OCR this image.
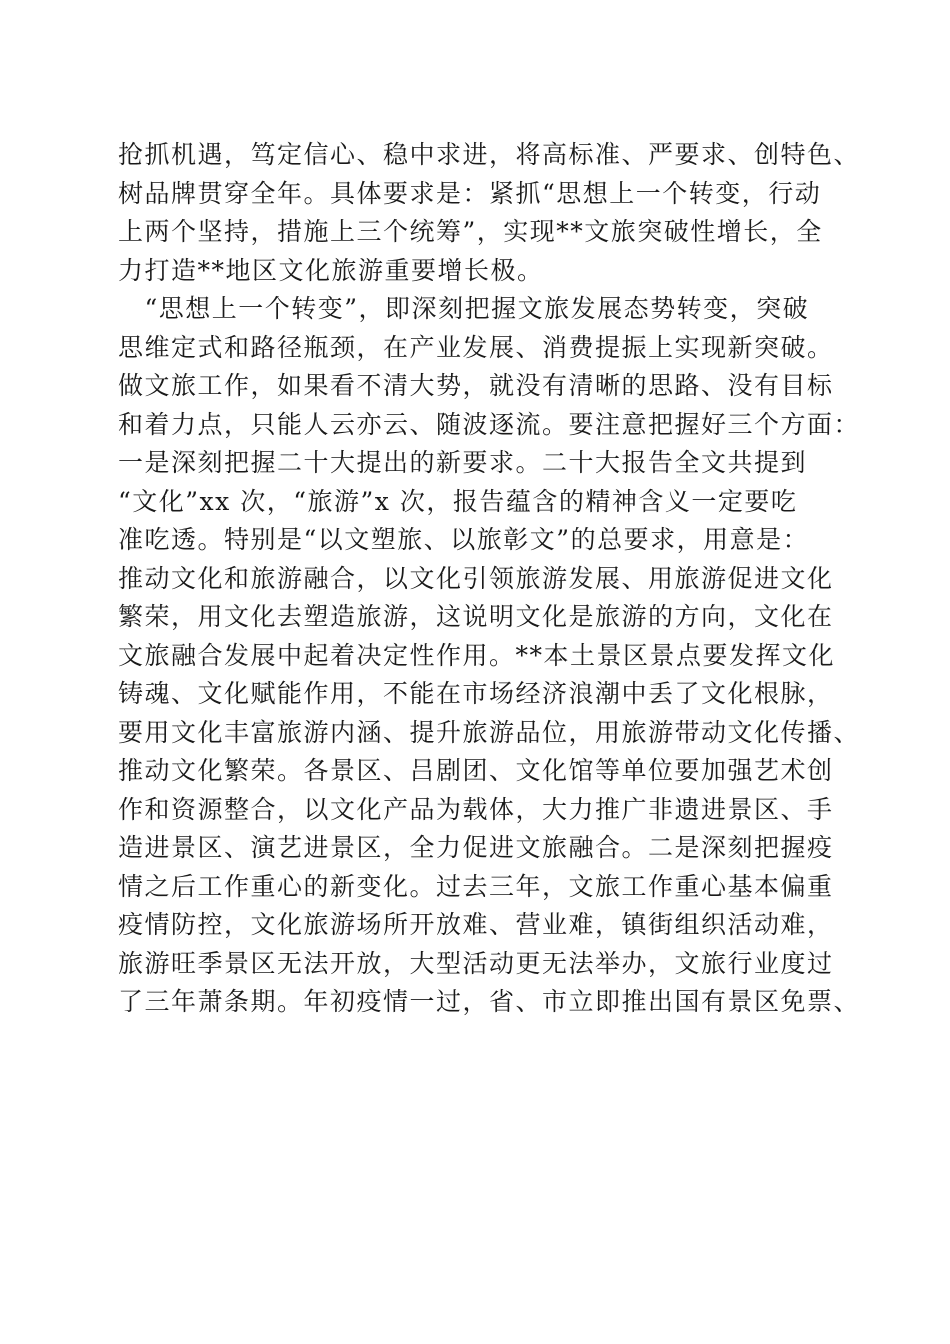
抢抓机遇，笃定信心、稳中求进，将高标准、严要求、创特色、
树品牌贯穿全年。具体要求是：紧抓“思想上一个转变，行动
上两个坚持，措施上三个统筹”，实现**文旅突破性增长，全
力打造**地区文化旅游重要增长极。
　“思想上一个转变”，即深刻把握文旅发展态势转变，突破
思维定式和路径瓶颈，在产业发展、消费提振上实现新突破。
做文旅工作，如果看不清大势，就没有清晰的思路、没有目标
和着力点，只能人云亦云、随波逐流。要注意把握好三个方面：
一是深刻把握二十大提出的新要求。二十大报告全文共提到
“文化”xx 次，“旅游”x 次，报告蕴含的精神含义一定要吃
准吃透。特别是“以文塑旅、以旅彰文”的总要求，用意是：
推动文化和旅游融合，以文化引领旅游发展、用旅游促进文化
繁荣，用文化去塑造旅游，这说明文化是旅游的方向，文化在
文旅融合发展中起着决定性作用。**本土景区景点要发挥文化
铸魂、文化赋能作用，不能在市场经济浪潮中丢了文化根脉，
要用文化丰富旅游内涵、提升旅游品位，用旅游带动文化传播、
推动文化繁荣。各景区、吕剧团、文化馆等单位要加强艺术创
作和资源整合，以文化产品为载体，大力推广非遗进景区、手
造进景区、演艺进景区，全力促进文旅融合。二是深刻把握疫
情之后工作重心的新变化。过去三年，文旅工作重心基本偏重
疫情防控，文化旅游场所开放难、营业难，镇街组织活动难，
旅游旺季景区无法开放，大型活动更无法举办，文旅行业度过
了三年萧条期。年初疫情一过，省、市立即推出国有景区免票、
